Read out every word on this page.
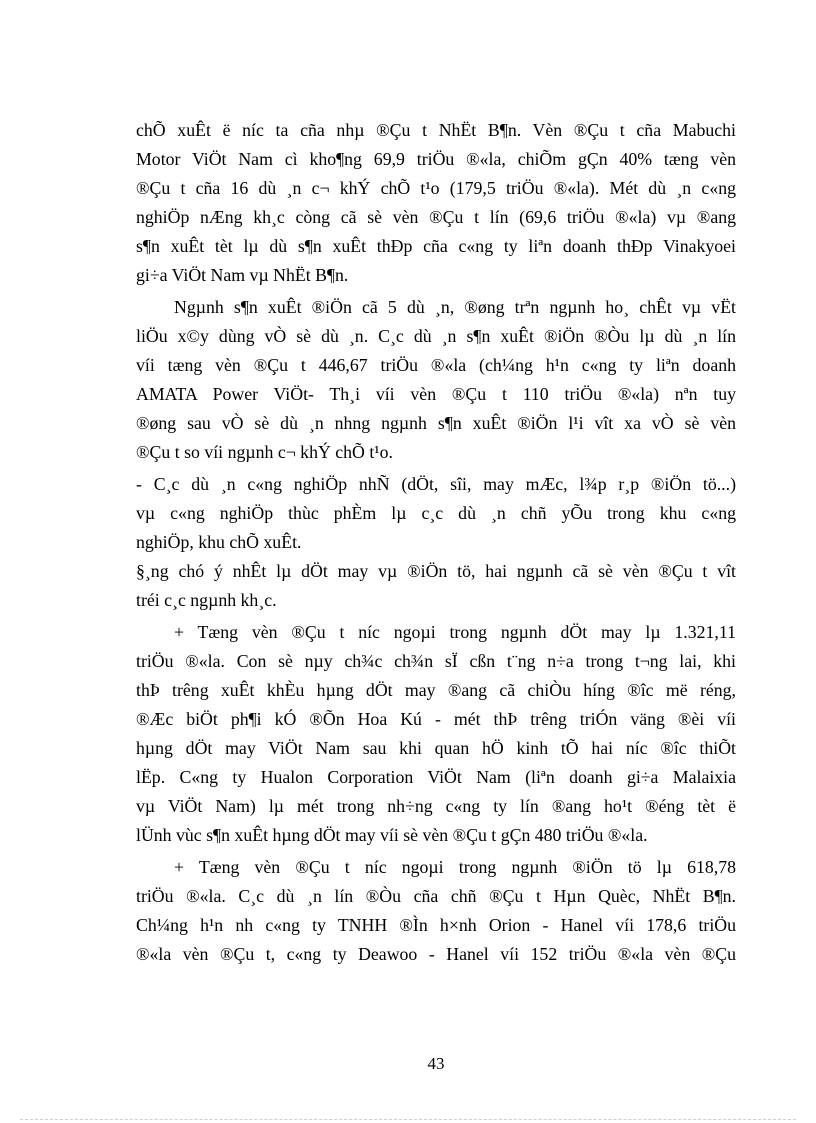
chÕ xuÊt ë níc ta cña nhµ ®Çu t NhËt B¶n. Vèn ®Çu t cña Mabuchi
Motor ViÖt Nam cì kho¶ng 69,9 triÖu ®«la, chiÕm gÇn 40% tæng vèn
®Çu t cña 16 dù ¸n c¬ khÝ chÕ t¹o (179,5 triÖu ®«la). Mét dù ¸n c«ng
nghiÖp nÆng kh¸c còng cã sè vèn ®Çu t lín (69,6 triÖu ®«la) vµ ®ang
s¶n xuÊt tèt lµ dù s¶n xuÊt thÐp cña c«ng ty liªn doanh thÐp Vinakyoei
gi÷a ViÖt Nam vµ NhËt B¶n.
Ngµnh s¶n xuÊt ®iÖn cã 5 dù ¸n, ®øng trªn ngµnh ho¸ chÊt vµ vËt
liÖu x©y dùng vÒ sè dù ¸n. C¸c dù ¸n s¶n xuÊt ®iÖn ®Òu lµ dù ¸n lín
víi tæng vèn ®Çu t 446,67 triÖu ®«la (ch¼ng h¹n c«ng ty liªn doanh
AMATA Power ViÖt- Th¸i víi vèn ®Çu t 110 triÖu ®«la) nªn tuy
®øng sau vÒ sè dù ¸n nhng ngµnh s¶n xuÊt ®iÖn l¹i vît xa vÒ sè vèn
®Çu t so víi ngµnh c¬ khÝ chÕ t¹o.
- C¸c dù ¸n c«ng nghiÖp nhÑ (dÖt, sîi, may mÆc, l¾p r¸p ®iÖn tö...)
vµ c«ng nghiÖp thùc phÈm lµ c¸c dù ¸n chñ yÕu trong khu c«ng
nghiÖp, khu chÕ xuÊt.
§¸ng chó ý nhÊt lµ dÖt may vµ ®iÖn tö, hai ngµnh cã sè vèn ®Çu t vît
tréi c¸c ngµnh kh¸c.
+ Tæng vèn ®Çu t níc ngoµi trong ngµnh dÖt may lµ 1.321,11
triÖu ®«la. Con sè nµy ch¾c ch¾n sÏ cßn t¨ng n÷a trong t¬ng lai, khi
thÞ trêng xuÊt khÈu hµng dÖt may ®ang cã chiÒu híng ®îc më réng,
®Æc biÖt ph¶i kÓ ®Õn Hoa Kú - mét thÞ trêng triÓn väng ®èi víi
hµng dÖt may ViÖt Nam sau khi quan hÖ kinh tÕ hai níc ®îc thiÕt
lËp. C«ng ty Hualon Corporation ViÖt Nam (liªn doanh gi÷a Malaixia
vµ ViÖt Nam) lµ mét trong nh÷ng c«ng ty lín ®ang ho¹t ®éng tèt ë
lÜnh vùc s¶n xuÊt hµng dÖt may víi sè vèn ®Çu t gÇn 480 triÖu ®«la.
+ Tæng vèn ®Çu t níc ngoµi trong ngµnh ®iÖn tö lµ 618,78
triÖu ®«la. C¸c dù ¸n lín ®Òu cña chñ ®Çu t Hµn Quèc, NhËt B¶n.
Ch¼ng h¹n nh c«ng ty TNHH ®Ìn h×nh Orion - Hanel víi 178,6 triÖu
®«la vèn ®Çu t, c«ng ty Deawoo - Hanel víi 152 triÖu ®«la vèn ®Çu
43
